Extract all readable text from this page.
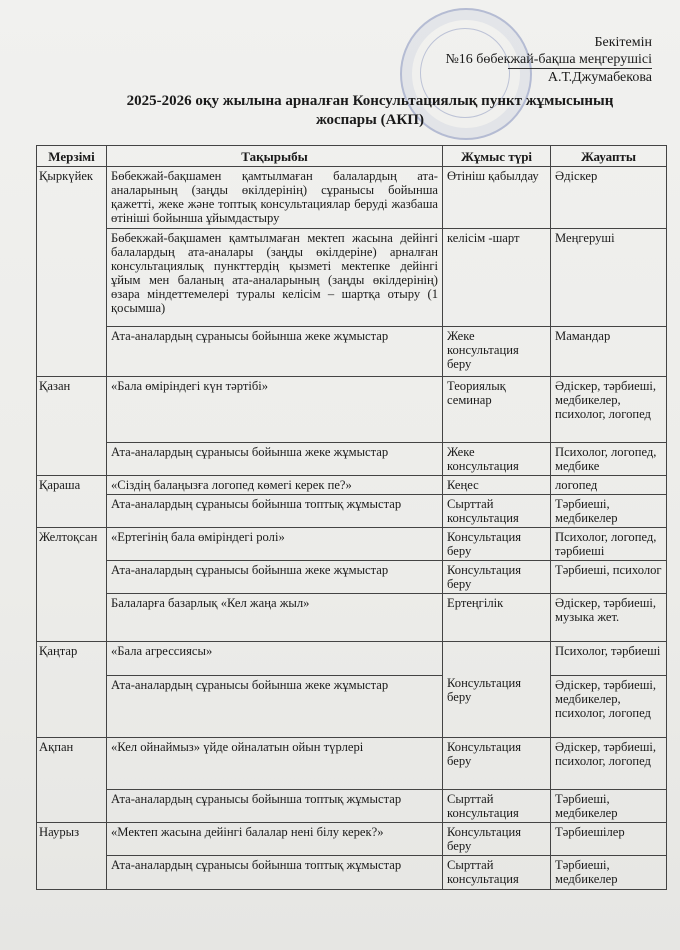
Бекітемін
№16 бөбекжай-бақша меңгерушісі
А.Т.Джумабекова
2025-2026 оқу жылына арналған Консультациялық пункт жұмысының
жоспары (АКП)
Мерзімі	Тақырыбы	Жұмыс түрі	Жауапты
Қыркүйек	Бөбекжай-бақшамен қамтылмаған балалардың ата-аналарының (заңды өкілдерінің) сұранысы бойынша қажетті, жеке және топтық консультациялар беруді жазбаша өтініші бойынша ұйымдастыру	Өтініш қабылдау	Әдіскер
	Бөбекжай-бақшамен қамтылмаған мектеп жасына дейінгі балалардың ата-аналары (заңды өкілдеріне) арналған консультациялық пункттердің қызметі мектепке дейінгі ұйым мен баланың ата-аналарының (заңды өкілдерінің) өзара міндеттемелері туралы келісім – шартқа отыру (1 қосымша)	келісім -шарт	Меңгеруші
	Ата-аналардың сұранысы бойынша жеке жұмыстар	Жеке консультация беру	Мамандар
Қазан	«Бала өміріндегі күн тәртібі»	Теориялық семинар	Әдіскер, тәрбиеші, медбикелер, психолог, логопед
	Ата-аналардың сұранысы бойынша жеке жұмыстар	Жеке консультация	Психолог, логопед, медбике
Қараша	«Сіздің балаңызға логопед көмегі керек пе?»	Кеңес	логопед
	Ата-аналардың сұранысы бойынша топтық жұмыстар	Сырттай консультация	Тәрбиеші, медбикелер
Желтоқсан	«Ертегінің бала өміріндегі ролі»	Консультация беру	Психолог, логопед, тәрбиеші
	Ата-аналардың сұранысы бойынша жеке жұмыстар	Консультация беру	Тәрбиеші, психолог
	Балаларға базарлық «Кел жаңа жыл»	Ертеңгілік	Әдіскер, тәрбиеші, музыка жет.
Қаңтар	«Бала агрессиясы»	Консультация беру	Психолог, тәрбиеші
	Ата-аналардың сұранысы бойынша жеке жұмыстар		Әдіскер, тәрбиеші, медбикелер, психолог, логопед
Ақпан	«Кел ойнаймыз» үйде ойналатын ойын түрлері	Консультация беру	Әдіскер, тәрбиеші, психолог, логопед
	Ата-аналардың сұранысы бойынша топтық жұмыстар	Сырттай консультация	Тәрбиеші, медбикелер
Наурыз	«Мектеп жасына дейінгі балалар нені білу керек?»	Консультация беру	Тәрбиешілер
	Ата-аналардың сұранысы бойынша топтық жұмыстар	Сырттай консультация	Тәрбиеші, медбикелер
